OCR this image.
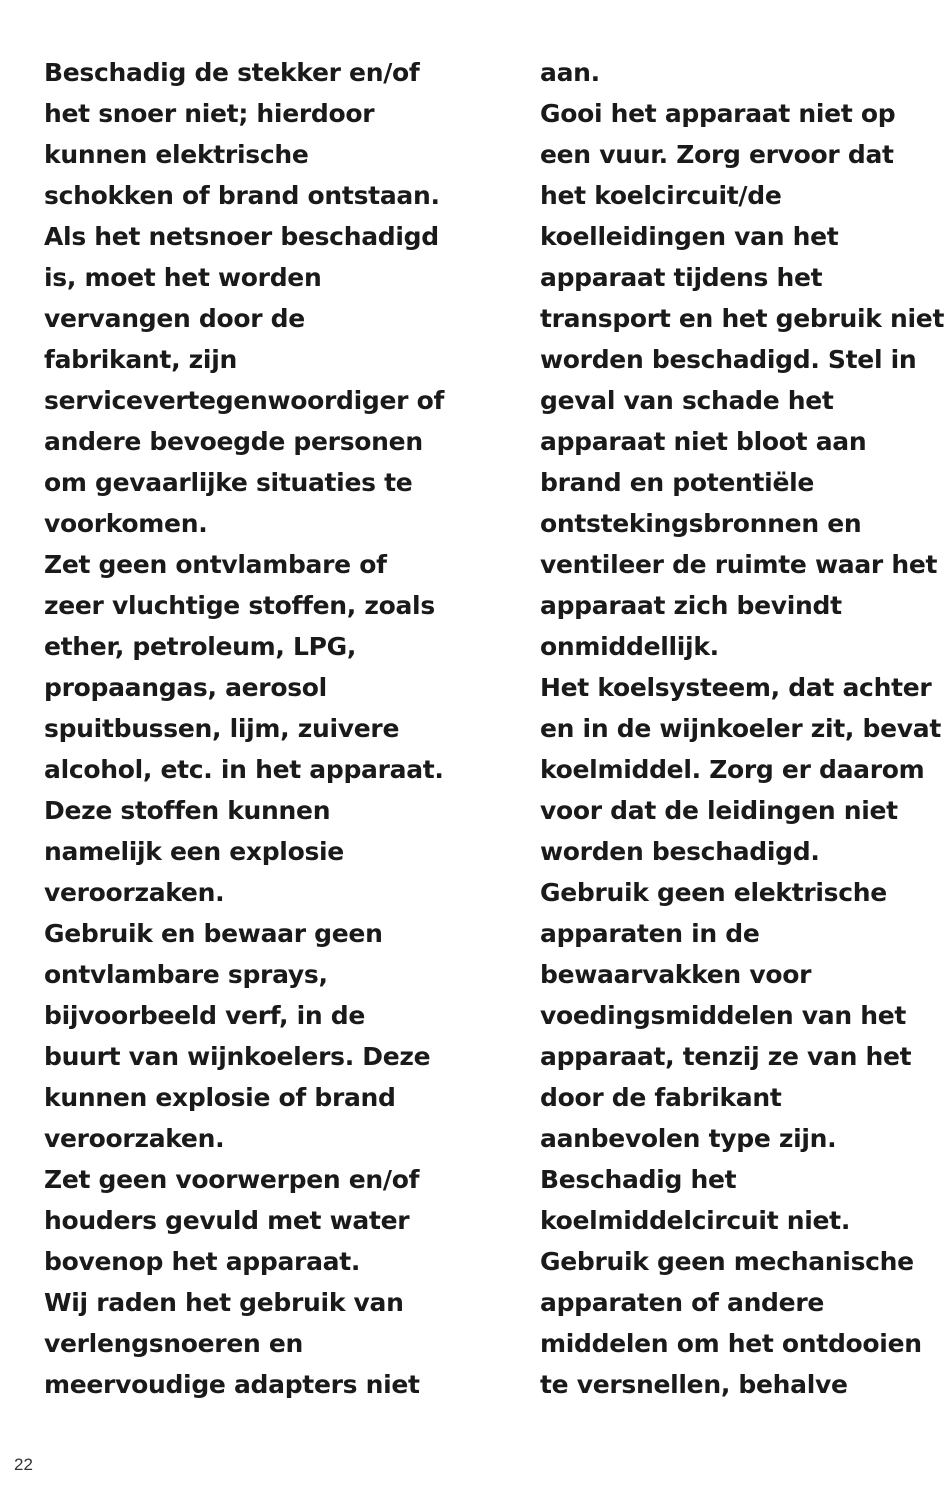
Beschadig de stekker en/of
het snoer niet; hierdoor
kunnen elektrische
schokken of brand ontstaan.
Als het netsnoer beschadigd
is, moet het worden
vervangen door de
fabrikant, zijn
servicevertegenwoordiger of
andere bevoegde personen
om gevaarlijke situaties te
voorkomen.
Zet geen ontvlambare of
zeer vluchtige stoffen, zoals
ether, petroleum, LPG,
propaangas, aerosol
spuitbussen, lijm, zuivere
alcohol, etc. in het apparaat.
Deze stoffen kunnen
namelijk een explosie
veroorzaken.
Gebruik en bewaar geen
ontvlambare sprays,
bijvoorbeeld verf, in de
buurt van wijnkoelers. Deze
kunnen explosie of brand
veroorzaken.
Zet geen voorwerpen en/of
houders gevuld met water
bovenop het apparaat.
Wij raden het gebruik van
verlengsnoeren en
meervoudige adapters niet
aan.
Gooi het apparaat niet op
een vuur. Zorg ervoor dat
het koelcircuit/de
koelleidingen van het
apparaat tijdens het
transport en het gebruik niet
worden beschadigd. Stel in
geval van schade het
apparaat niet bloot aan
brand en potentiële
ontstekingsbronnen en
ventileer de ruimte waar het
apparaat zich bevindt
onmiddellijk.
Het koelsysteem, dat achter
en in de wijnkoeler zit, bevat
koelmiddel. Zorg er daarom
voor dat de leidingen niet
worden beschadigd.
Gebruik geen elektrische
apparaten in de
bewaarvakken voor
voedingsmiddelen van het
apparaat, tenzij ze van het
door de fabrikant
aanbevolen type zijn.
Beschadig het
koelmiddelcircuit niet.
Gebruik geen mechanische
apparaten of andere
middelen om het ontdooien
te versnellen, behalve
22
